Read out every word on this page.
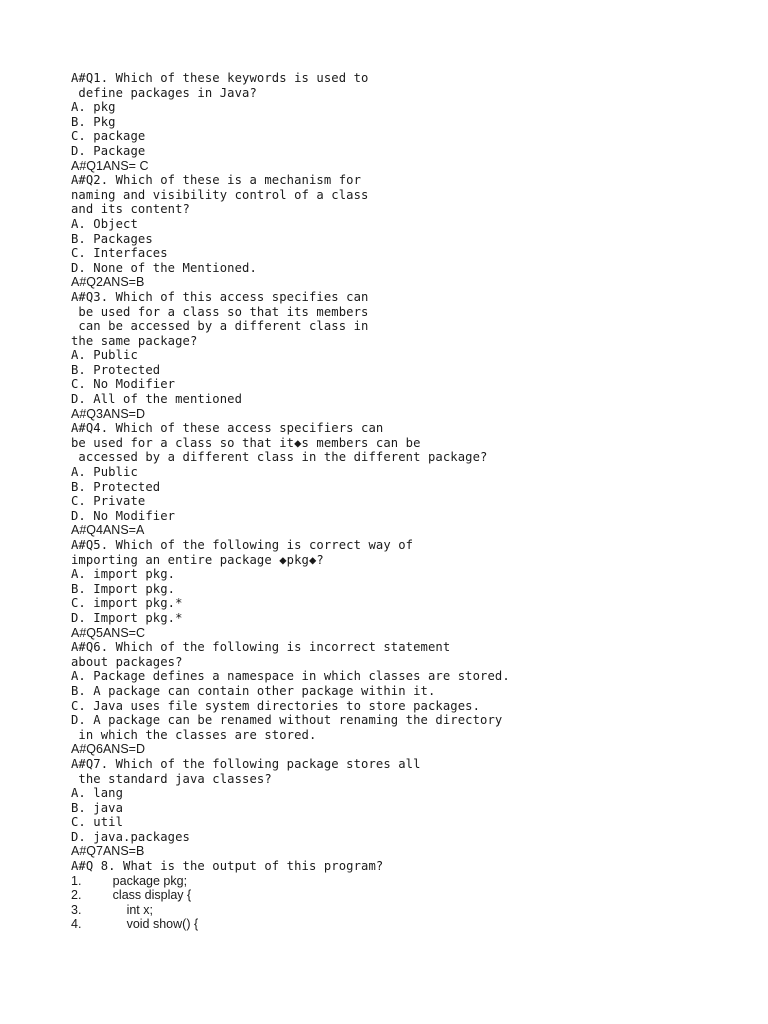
A#Q1. Which of these keywords is used to
define packages in Java?
A. pkg
B. Pkg
C. package
D. Package
A#Q1ANS= C
A#Q2. Which of these is a mechanism for
naming and visibility control of a class
and its content?
A. Object
B. Packages
C. Interfaces
D. None of the Mentioned.
A#Q2ANS=B
A#Q3. Which of this access specifies can
be used for a class so that its members
can be accessed by a different class in
the same package?
A. Public
B. Protected
C. No Modifier
D. All of the mentioned
A#Q3ANS=D
A#Q4. Which of these access specifiers can
be used for a class so that it◆s members can be
accessed by a different class in the different package?
A. Public
B. Protected
C. Private
D. No Modifier
A#Q4ANS=A
A#Q5. Which of the following is correct way of
importing an entire package ◆pkg◆?
A. import pkg.
B. Import pkg.
C. import pkg.*
D. Import pkg.*
A#Q5ANS=C
A#Q6. Which of the following is incorrect statement
about packages?
A. Package defines a namespace in which classes are stored.
B. A package can contain other package within it.
C. Java uses file system directories to store packages.
D. A package can be renamed without renaming the directory
in which the classes are stored.
A#Q6ANS=D
A#Q7. Which of the following package stores all
the standard java classes?
A. lang
B. java
C. util
D. java.packages
A#Q7ANS=B
A#Q 8. What is the output of this program?
1.         package pkg;
2.         class display {
3.             int x;
4.             void show() {
